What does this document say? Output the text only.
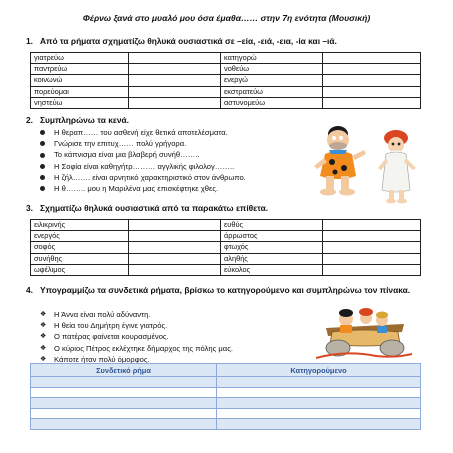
Φέρνω ξανά στο μυαλό μου όσα έμαθα…… στην 7η ενότητα (Μουσική)
1. Από τα ρήματα σχηματίζω θηλυκά ουσιαστικά σε –εία, -ειά, -εια, -ία και –ιά.
γιατρεύω		κατηγορώ	
παντρεύω		νοθεύω	
κοινωνώ		ενεργώ	
πορεύομαι		εκστρατεύω	
νηστεύω		αστυνομεύω	
2. Συμπληρώνω τα κενά.
Η θεραπ…… του ασθενή είχε θετικά αποτελέσματα.
Γνώρισε την επιτυχ…… πολύ γρήγορα.
Το κάπνισμα είναι μια βλαβερή συνήθ……..
Η Σοφία είναι καθηγήτρ……… αγγλικής φιλολογ……..
Η ζήλ……. είναι αρνητικό χαρακτηριστικό στον άνθρωπο.
Η θ…….. μου η Μαριλένα μας επισκέφτηκε χθες.
3. Σχηματίζω θηλυκά ουσιαστικά από τα παρακάτω επίθετα.
ειλικρινής		ευθύς	
ενεργός		άρρωστος	
σοφός		φτωχός	
συνήθης		αληθής	
ωφέλιμος		εύκολος	
4. Υπογραμμίζω τα συνδετικά ρήματα, βρίσκω το κατηγορούμενο και συμπληρώνω τον πίνακα.
❖ Η Άννα είναι πολύ αδύναντη.
❖ Η θεία του Δημήτρη έγινε γιατρός.
❖ Ο πατέρας φαίνεται κουρασμένος.
❖ Ο κύριος Πέτρος εκλέχτηκε δήμαρχος της πόλης μας.
❖ Κάποτε ήταν πολύ όμορφος.
Συνδετικό ρήμα	Κατηγορούμενο
